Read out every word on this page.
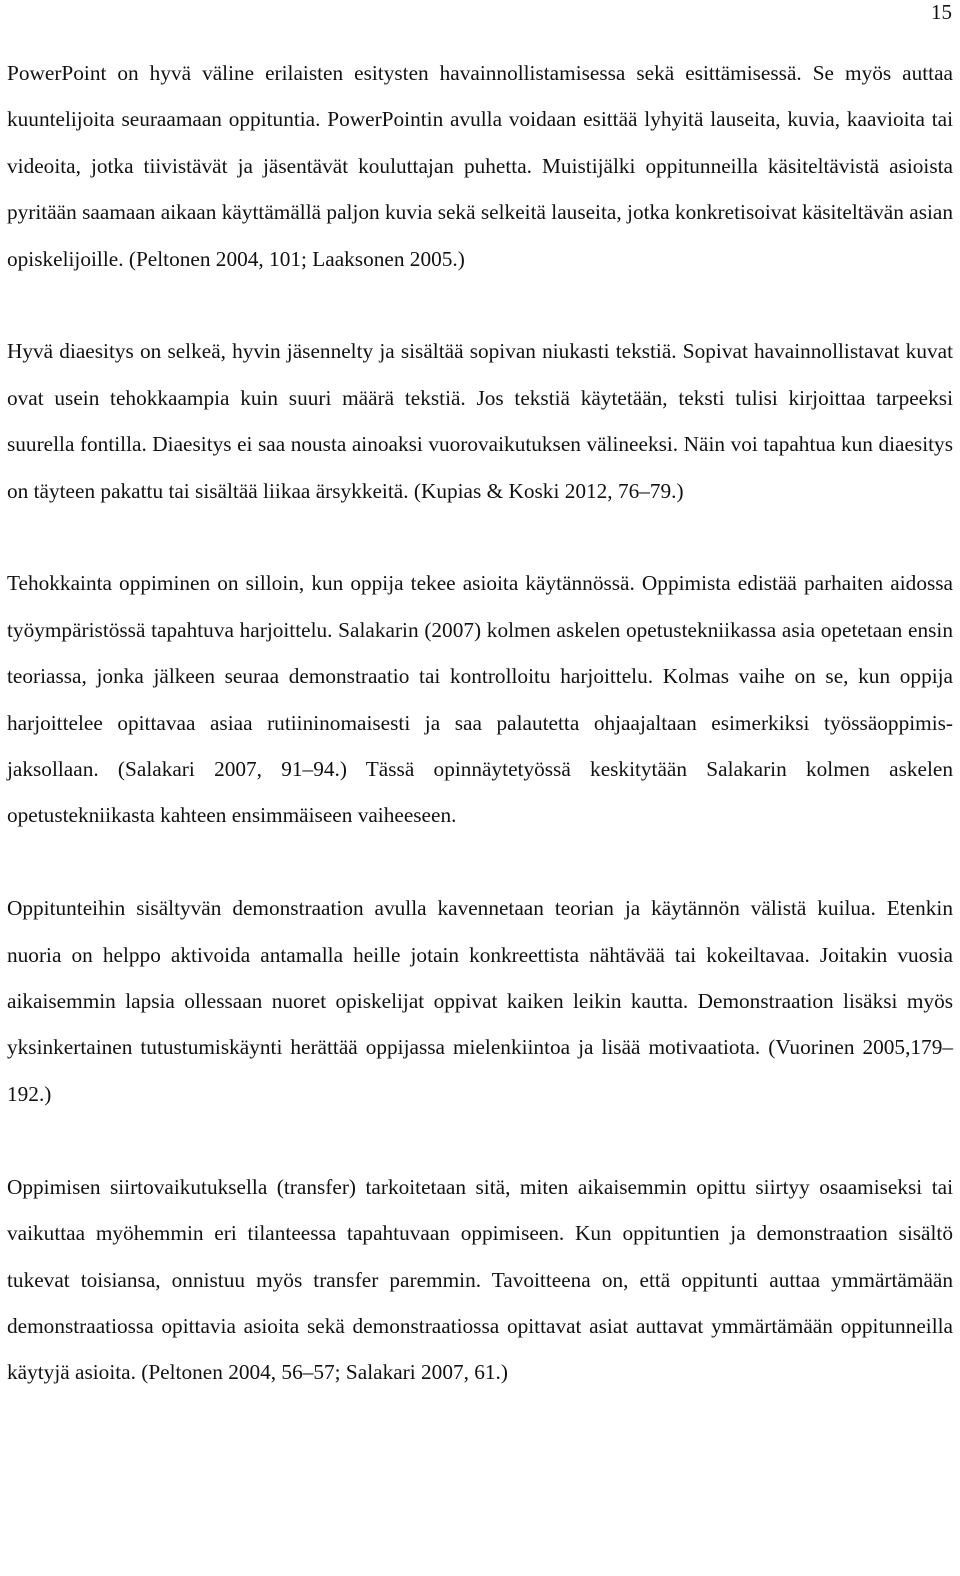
15

PowerPoint on hyvä väline erilaisten esitysten havainnollistamisessa sekä esittämisessä. Se myös auttaa kuuntelijoita seuraamaan oppituntia. PowerPointin avulla voidaan esittää lyhyitä lauseita, kuvia, kaavioita tai videoita, jotka tiivistävät ja jäsentävät kouluttajan puhetta. Muistijälki oppitunneilla käsiteltävistä asioista pyritään saamaan aikaan käyttämällä paljon kuvia sekä selkeitä lauseita, jotka konkretisoivat käsiteltävän asian opiskelijoille. (Peltonen 2004, 101; Laaksonen 2005.)

Hyvä diaesitys on selkeä, hyvin jäsennelty ja sisältää sopivan niukasti tekstiä. Sopivat havainnollistavat kuvat ovat usein tehokkaampia kuin suuri määrä tekstiä. Jos tekstiä käytetään, teksti tulisi kirjoittaa tarpeeksi suurella fontilla. Diaesitys ei saa nousta ainoaksi vuorovaikutuksen välineeksi. Näin voi tapahtua kun diaesitys on täyteen pakattu tai sisältää liikaa ärsykkeitä. (Kupias & Koski 2012, 76–79.)

Tehokkainta oppiminen on silloin, kun oppija tekee asioita käytännössä. Oppimista edistää parhaiten aidossa työympäristössä tapahtuva harjoittelu. Salakarin (2007) kolmen askelen opetustekniikassa asia opetetaan ensin teoriassa, jonka jälkeen seuraa demonstraatio tai kontrolloitu harjoittelu. Kolmas vaihe on se, kun oppija harjoittelee opittavaa asiaa rutiininomaisesti ja saa palautetta ohjaajaltaan esimerkiksi työssäoppimisjaksollaan. (Salakari 2007, 91–94.) Tässä opinnäytetyössä keskitytään Salakarin kolmen askelen opetustekniikasta kahteen ensimmäiseen vaiheeseen.

Oppitunteihin sisältyvän demonstraation avulla kavennetaan teorian ja käytännön välistä kuilua. Etenkin nuoria on helppo aktivoida antamalla heille jotain konkreettista nähtävää tai kokeiltavaa. Joitakin vuosia aikaisemmin lapsia ollessaan nuoret opiskelijat oppivat kaiken leikin kautta. Demonstraation lisäksi myös yksinkertainen tutustumiskäynti herättää oppijassa mielenkiintoa ja lisää motivaatiota. (Vuorinen 2005,179–192.)

Oppimisen siirtovaikutuksella (transfer) tarkoitetaan sitä, miten aikaisemmin opittu siirtyy osaamiseksi tai vaikuttaa myöhemmin eri tilanteessa tapahtuvaan oppimiseen. Kun oppituntien ja demonstraation sisältö tukevat toisiansa, onnistuu myös transfer paremmin. Tavoitteena on, että oppitunti auttaa ymmärtämään demonstraatiossa opittavia asioita sekä demonstraatiossa opittavat asiat auttavat ymmärtämään oppitunneilla käytyjä asioita. (Peltonen 2004, 56–57; Salakari 2007, 61.)
